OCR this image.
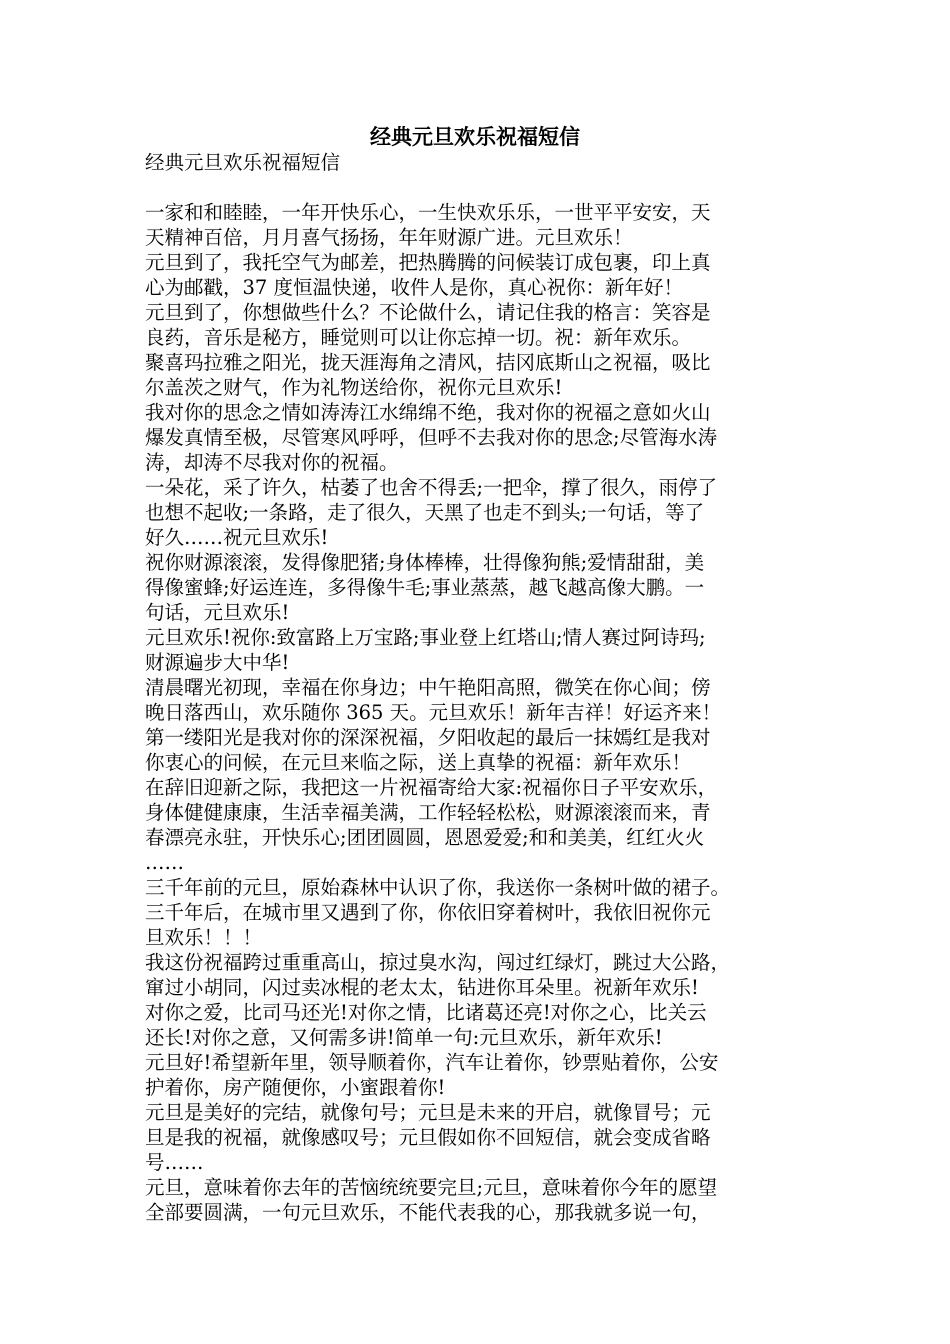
经典元旦欢乐祝福短信
经典元旦欢乐祝福短信
一家和和睦睦，一年开快乐心，一生快欢乐乐，一世平平安安，天
天精神百倍，月月喜气扬扬，年年财源广进。元旦欢乐！
元旦到了，我托空气为邮差，把热腾腾的问候装订成包裹，印上真
心为邮戳，37 度恒温快递，收件人是你，真心祝你：新年好！
元旦到了，你想做些什么？不论做什么，请记住我的格言：笑容是
良药，音乐是秘方，睡觉则可以让你忘掉一切。祝：新年欢乐。
聚喜玛拉雅之阳光，拢天涯海角之清风，拮冈底斯山之祝福，吸比
尔盖茨之财气，作为礼物送给你，祝你元旦欢乐!
我对你的思念之情如涛涛江水绵绵不绝，我对你的祝福之意如火山
爆发真情至极，尽管寒风呼呼，但呼不去我对你的思念;尽管海水涛
涛，却涛不尽我对你的祝福。
一朵花，采了许久，枯萎了也舍不得丢;一把伞，撑了很久，雨停了
也想不起收;一条路，走了很久，天黑了也走不到头;一句话，等了
好久……祝元旦欢乐!
祝你财源滚滚，发得像肥猪;身体棒棒，壮得像狗熊;爱情甜甜，美
得像蜜蜂;好运连连，多得像牛毛;事业蒸蒸，越飞越高像大鹏。一
句话，元旦欢乐!
元旦欢乐!祝你:致富路上万宝路;事业登上红塔山;情人赛过阿诗玛;
财源遍步大中华!
清晨曙光初现，幸福在你身边；中午艳阳高照，微笑在你心间；傍
晚日落西山，欢乐随你 365 天。元旦欢乐！新年吉祥！好运齐来！
第一缕阳光是我对你的深深祝福，夕阳收起的最后一抹嫣红是我对
你衷心的问候，在元旦来临之际，送上真挚的祝福：新年欢乐！
在辞旧迎新之际，我把这一片祝福寄给大家:祝福你日子平安欢乐，
身体健健康康，生活幸福美满，工作轻轻松松，财源滚滚而来，青
春漂亮永驻，开快乐心;团团圆圆，恩恩爱爱;和和美美，红红火火
……
三千年前的元旦，原始森林中认识了你，我送你一条树叶做的裙子。
三千年后，在城市里又遇到了你，你依旧穿着树叶，我依旧祝你元
旦欢乐！！！
我这份祝福跨过重重高山，掠过臭水沟，闯过红绿灯，跳过大公路，
窜过小胡同，闪过卖冰棍的老太太，钻进你耳朵里。祝新年欢乐!
对你之爱，比司马还光!对你之情，比诸葛还亮!对你之心，比关云
还长!对你之意，又何需多讲!简单一句:元旦欢乐，新年欢乐!
元旦好!希望新年里，领导顺着你，汽车让着你，钞票贴着你，公安
护着你，房产随便你，小蜜跟着你!
元旦是美好的完结，就像句号；元旦是未来的开启，就像冒号；元
旦是我的祝福，就像感叹号；元旦假如你不回短信，就会变成省略
号……
元旦，意味着你去年的苦恼统统要完旦;元旦，意味着你今年的愿望
全部要圆满，一句元旦欢乐，不能代表我的心，那我就多说一句，
